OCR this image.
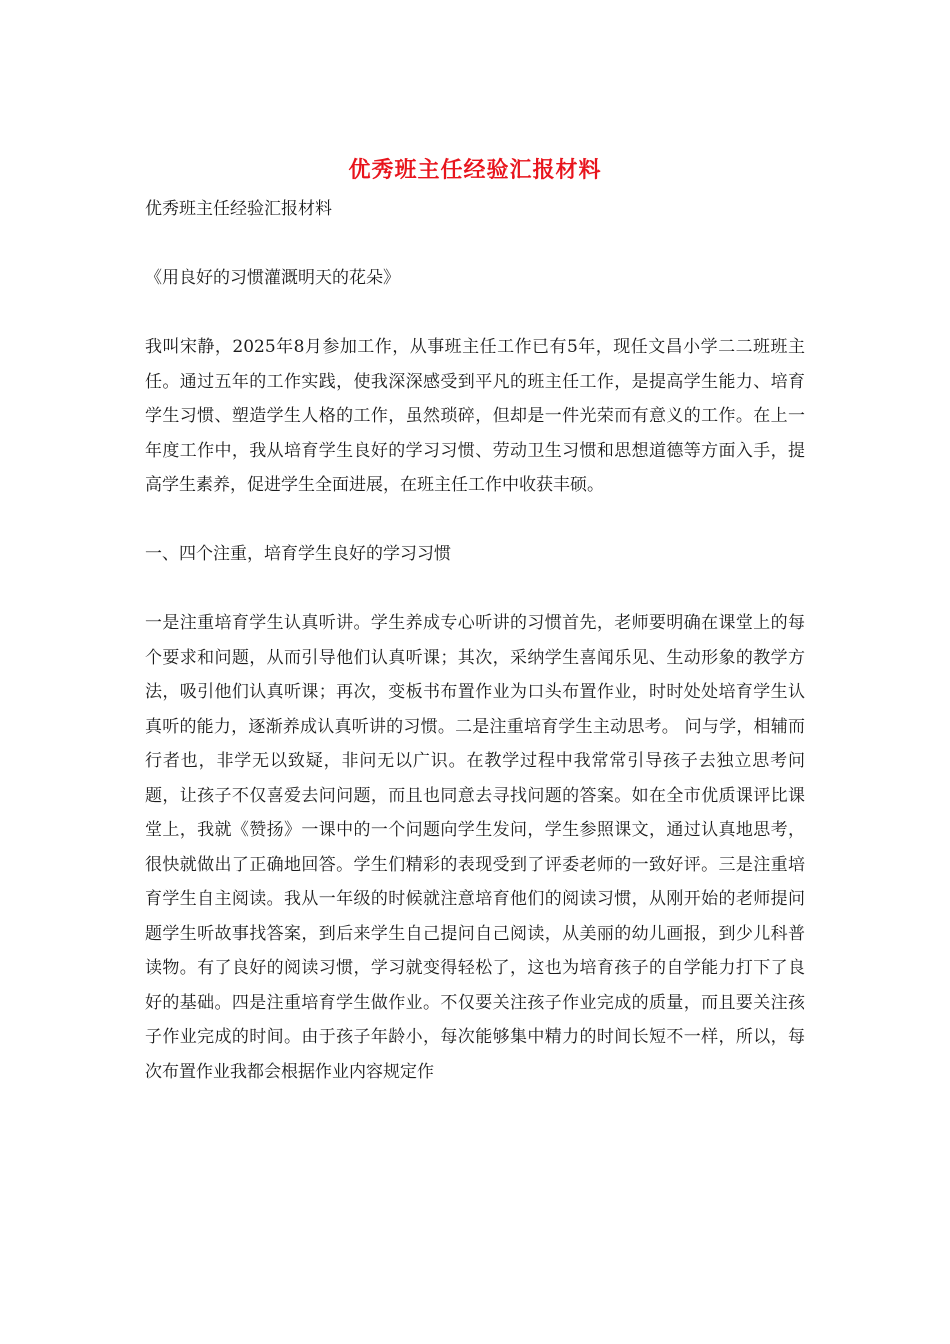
优秀班主任经验汇报材料

优秀班主任经验汇报材料

《用良好的习惯灌溉明天的花朵》

我叫宋静，2025年8月参加工作，从事班主任工作已有5年，现任文昌小学二二班班主任。通过五年的工作实践，使我深深感受到平凡的班主任工作，是提高学生能力、培育学生习惯、塑造学生人格的工作，虽然琐碎，但却是一件光荣而有意义的工作。在上一年度工作中，我从培育学生良好的学习习惯、劳动卫生习惯和思想道德等方面入手，提高学生素养，促进学生全面进展，在班主任工作中收获丰硕。

一、四个注重，培育学生良好的学习习惯

一是注重培育学生认真听讲。学生养成专心听讲的习惯首先，老师要明确在课堂上的每个要求和问题，从而引导他们认真听课；其次，采纳学生喜闻乐见、生动形象的教学方法，吸引他们认真听课；再次，变板书布置作业为口头布置作业，时时处处培育学生认真听的能力，逐渐养成认真听讲的习惯。二是注重培育学生主动思考。 问与学，相辅而行者也，非学无以致疑，非问无以广识。在教学过程中我常常引导孩子去独立思考问题，让孩子不仅喜爱去问问题，而且也同意去寻找问题的答案。如在全市优质课评比课堂上，我就《赞扬》一课中的一个问题向学生发问，学生参照课文，通过认真地思考，很快就做出了正确地回答。学生们精彩的表现受到了评委老师的一致好评。三是注重培育学生自主阅读。我从一年级的时候就注意培育他们的阅读习惯，从刚开始的老师提问题学生听故事找答案，到后来学生自己提问自己阅读，从美丽的幼儿画报，到少儿科普读物。有了良好的阅读习惯，学习就变得轻松了，这也为培育孩子的自学能力打下了良好的基础。四是注重培育学生做作业。不仅要关注孩子作业完成的质量，而且要关注孩子作业完成的时间。由于孩子年龄小，每次能够集中精力的时间长短不一样，所以，每次布置作业我都会根据作业内容规定作
